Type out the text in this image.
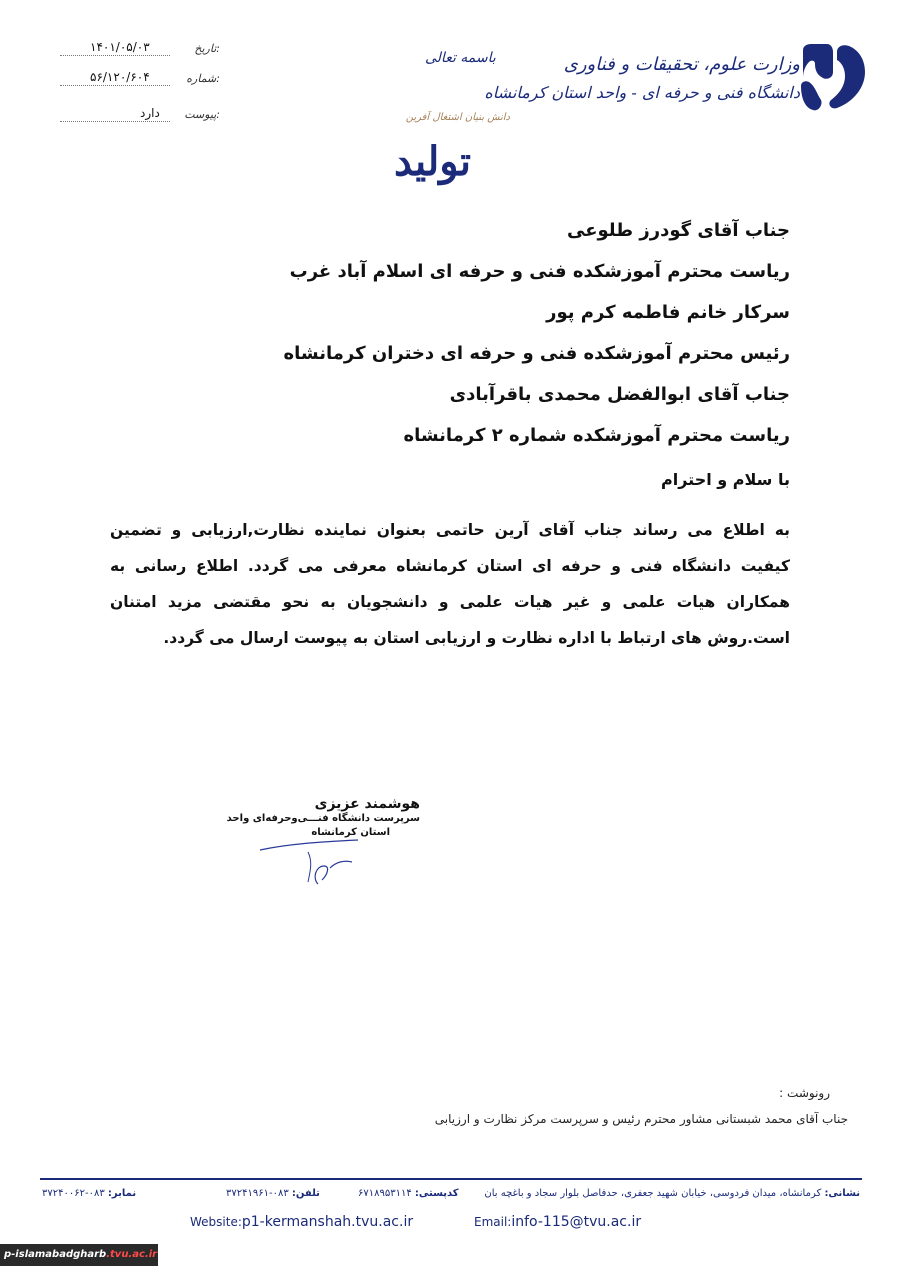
۱۴۰۱/۰۵/۰۳	تاریخ:
۵۶/۱۲۰/۶۰۴	شماره:
دارد	پیوست:
باسمه تعالی
دانش بنیان اشتغال آفرین
تولید
وزارت علوم، تحقیقات و فناوری
دانشگاه فنی و حرفه ای - واحد استان کرمانشاه
جناب آقای گودرز طلوعی
ریاست محترم آموزشکده فنی و حرفه ای اسلام آباد غرب
سرکار خانم فاطمه کرم پور
رئیس محترم آموزشکده فنی و حرفه ای دختران کرمانشاه
جناب آقای ابوالفضل محمدی باقرآبادی
ریاست محترم آموزشکده شماره ۲ کرمانشاه
با سلام و احترام
به اطلاع می رساند جناب آقای آرین حاتمی بعنوان نماینده نظارت,ارزیابی و تضمین کیفیت دانشگاه فنی و حرفه ای استان کرمانشاه معرفی می گردد. اطلاع رسانی به همکاران هیات علمی و غیر هیات علمی و دانشجویان به نحو مقتضی مزید امتنان است.روش های ارتباط با اداره نظارت و ارزیابی استان به پیوست ارسال می گردد.
هوشمند عزیزی
سرپرست دانشگاه فنـــی‌وحرفه‌ای واحد
استان کرمانشاه
رونوشت :
جناب آقای محمد شبستانی مشاور محترم رئیس و سرپرست مرکز نظارت و ارزیابی
نشانی: کرمانشاه، میدان فردوسی، خیابان شهید جعفری، حدفاصل بلوار سجاد و باغچه بان
کدپستی: ۶۷۱۸۹۵۳۱۱۴
تلفن: ۰۸۳-۳۷۲۴۱۹۶۱
نمابر: ۰۸۳-۳۷۲۴۰۰۶۲
Website:p1-kermanshah.tvu.ac.ir	Email:info-115@tvu.ac.ir
p-islamabadgharb.tvu.ac.ir
